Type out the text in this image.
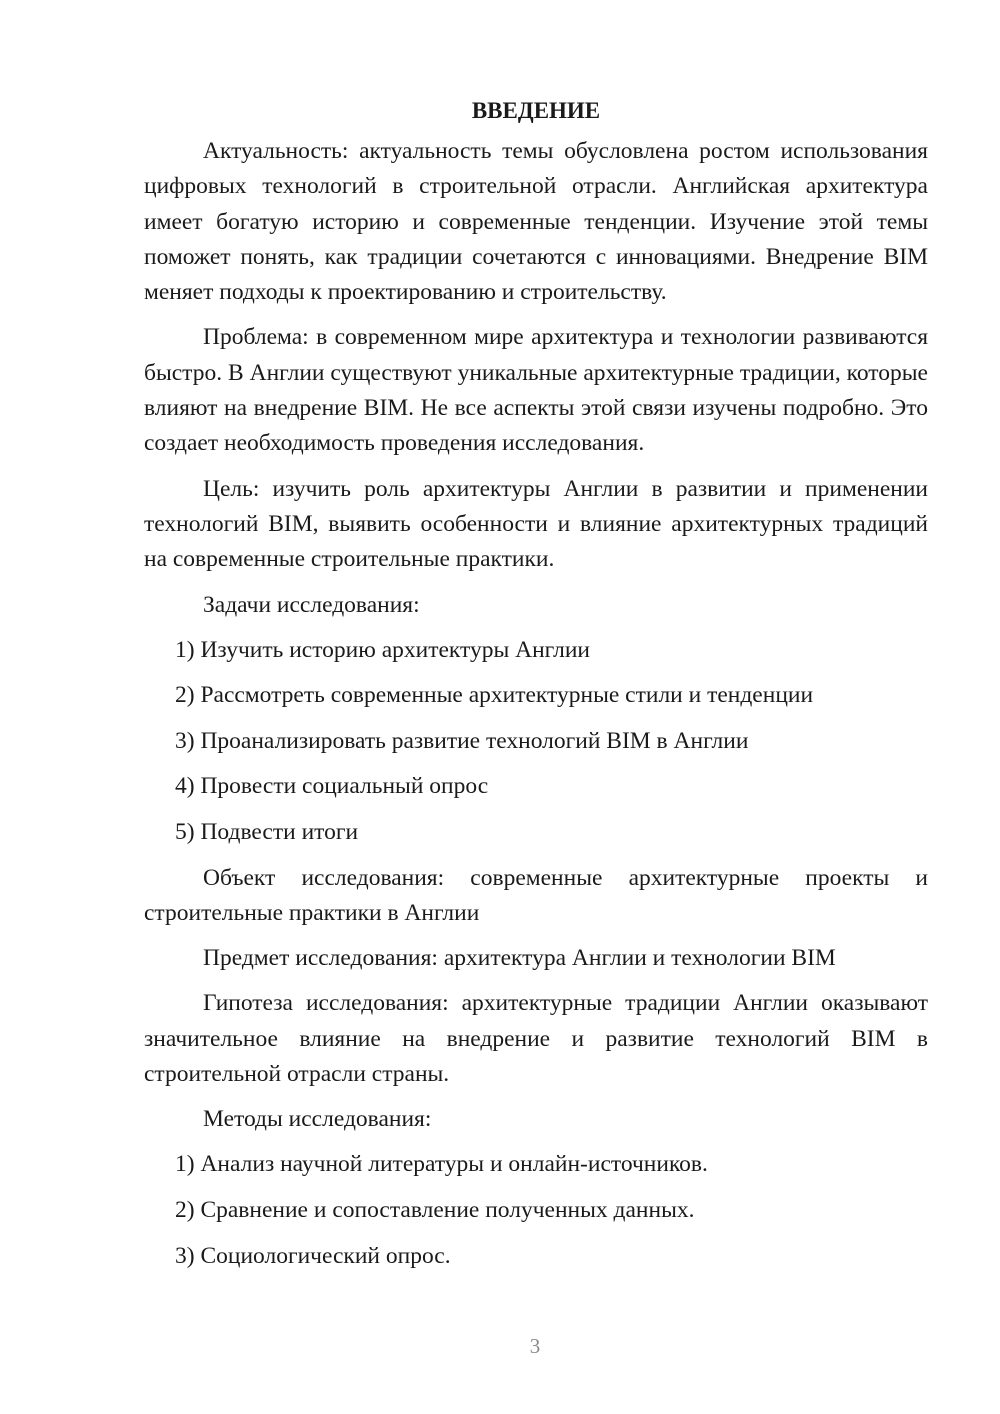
ВВЕДЕНИЕ

Актуальность: актуальность темы обусловлена ростом использования цифровых технологий в строительной отрасли. Английская архитектура имеет богатую историю и современные тенденции. Изучение этой темы поможет понять, как традиции сочетаются с инновациями. Внедрение BIM меняет подходы к проектированию и строительству.

Проблема: в современном мире архитектура и технологии развиваются быстро. В Англии существуют уникальные архитектурные традиции, которые влияют на внедрение BIM. Не все аспекты этой связи изучены подробно. Это создает необходимость проведения исследования.

Цель: изучить роль архитектуры Англии в развитии и применении технологий BIM, выявить особенности и влияние архитектурных традиций на современные строительные практики.

Задачи исследования:

1) Изучить историю архитектуры Англии
2) Рассмотреть современные архитектурные стили и тенденции
3) Проанализировать развитие технологий BIM в Англии
4) Провести социальный опрос
5) Подвести итоги

Объект исследования: современные архитектурные проекты и строительные практики в Англии

Предмет исследования: архитектура Англии и технологии BIM

Гипотеза исследования: архитектурные традиции Англии оказывают значительное влияние на внедрение и развитие технологий BIM в строительной отрасли страны.

Методы исследования:

1) Анализ научной литературы и онлайн-источников.
2) Сравнение и сопоставление полученных данных.
3) Социологический опрос.
3
